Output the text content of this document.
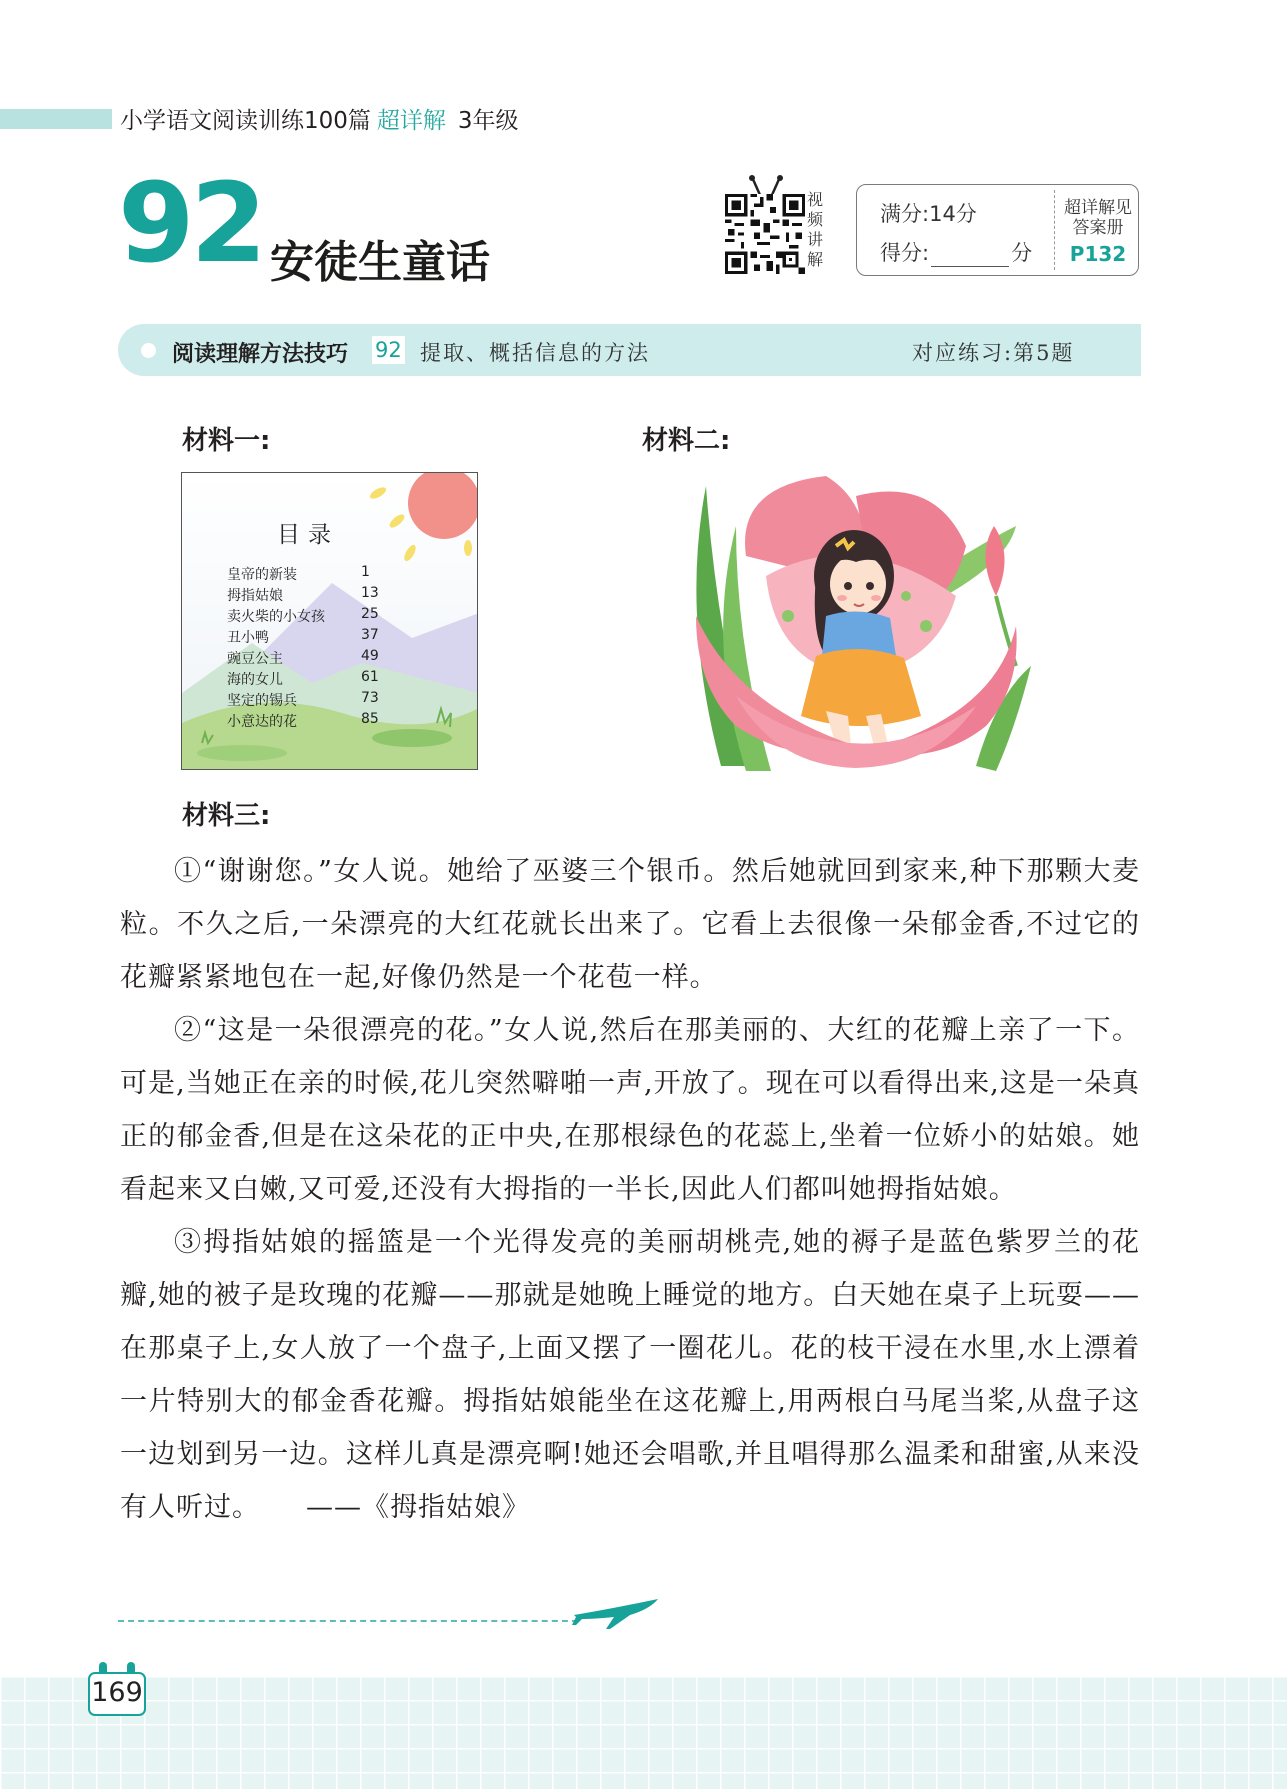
小学语文阅读训练100篇 超详解 3年级
92 安徒生童话
视
频
讲
解
满分:14分
得分:	分
超详解见
答案册
P132
阅读理解方法技巧 92 提取、概括信息的方法	对应练习:第5题
材料一:	材料二:
材料三:
目录
皇帝的新装	1
拇指姑娘	13
卖火柴的小女孩	25
丑小鸭	37
豌豆公主	49
海的女儿	61
坚定的锡兵	73
小意达的花	85

①“谢谢您。”女人说。她给了巫婆三个银币。然后她就回到家来,种下那颗大麦粒。不久之后,一朵漂亮的大红花就长出来了。它看上去很像一朵郁金香,不过它的花瓣紧紧地包在一起,好像仍然是一个花苞一样。

②“这是一朵很漂亮的花。”女人说,然后在那美丽的、大红的花瓣上亲了一下。可是,当她正在亲的时候,花儿突然噼啪一声,开放了。现在可以看得出来,这是一朵真正的郁金香,但是在这朵花的正中央,在那根绿色的花蕊上,坐着一位娇小的姑娘。她看起来又白嫩,又可爱,还没有大拇指的一半长,因此人们都叫她拇指姑娘。

③拇指姑娘的摇篮是一个光得发亮的美丽胡桃壳,她的褥子是蓝色紫罗兰的花瓣,她的被子是玫瑰的花瓣——那就是她晚上睡觉的地方。白天她在桌子上玩耍——在那桌子上,女人放了一个盘子,上面又摆了一圈花儿。花的枝干浸在水里,水上漂着一片特别大的郁金香花瓣。拇指姑娘能坐在这花瓣上,用两根白马尾当桨,从盘子这一边划到另一边。这样儿真是漂亮啊!她还会唱歌,并且唱得那么温柔和甜蜜,从来没有人听过。 ——《拇指姑娘》

169
